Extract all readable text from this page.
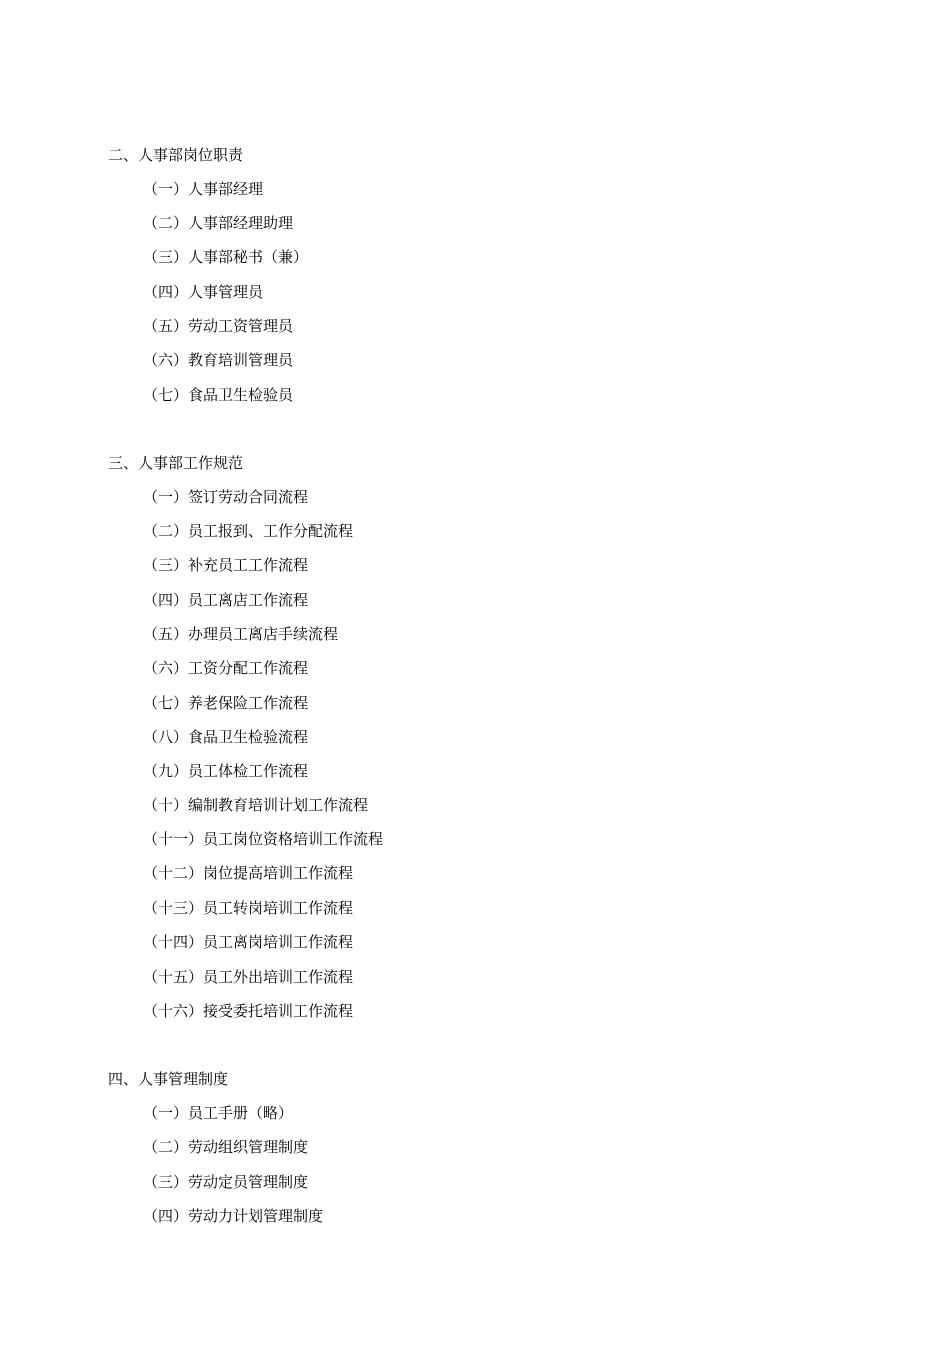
二、人事部岗位职责
（一）人事部经理
（二）人事部经理助理
（三）人事部秘书（兼）
（四）人事管理员
（五）劳动工资管理员
（六）教育培训管理员
（七）食品卫生检验员
三、人事部工作规范
（一）签订劳动合同流程
（二）员工报到、工作分配流程
（三）补充员工工作流程
（四）员工离店工作流程
（五）办理员工离店手续流程
（六）工资分配工作流程
（七）养老保险工作流程
（八）食品卫生检验流程
（九）员工体检工作流程
（十）编制教育培训计划工作流程
（十一）员工岗位资格培训工作流程
（十二）岗位提高培训工作流程
（十三）员工转岗培训工作流程
（十四）员工离岗培训工作流程
（十五）员工外出培训工作流程
（十六）接受委托培训工作流程
四、人事管理制度
（一）员工手册（略）
（二）劳动组织管理制度
（三）劳动定员管理制度
（四）劳动力计划管理制度
